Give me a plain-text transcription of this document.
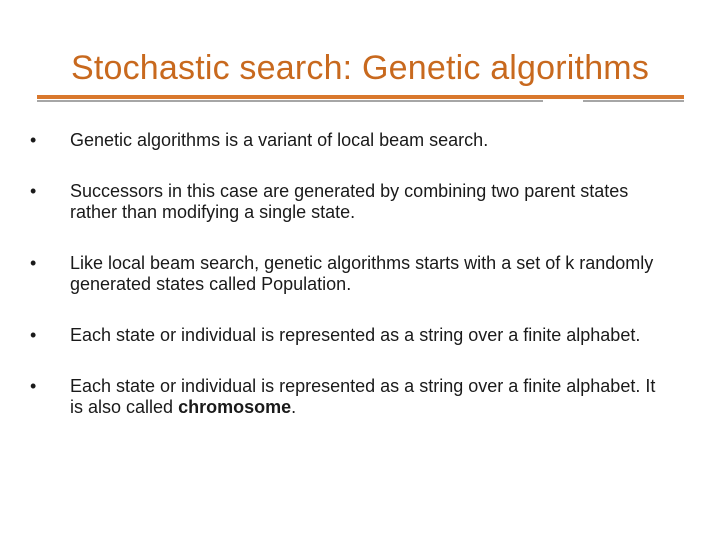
Stochastic search: Genetic algorithms
•	Genetic algorithms is a variant of local beam search.
•	Successors in this case are generated by combining two parent states rather than modifying a single state.
•	Like local beam search, genetic algorithms starts with a set of k randomly generated states called Population.
•	Each state or individual is represented as a string over a finite alphabet.
•	Each state or individual is represented as a string over a finite alphabet. It is also called chromosome.
